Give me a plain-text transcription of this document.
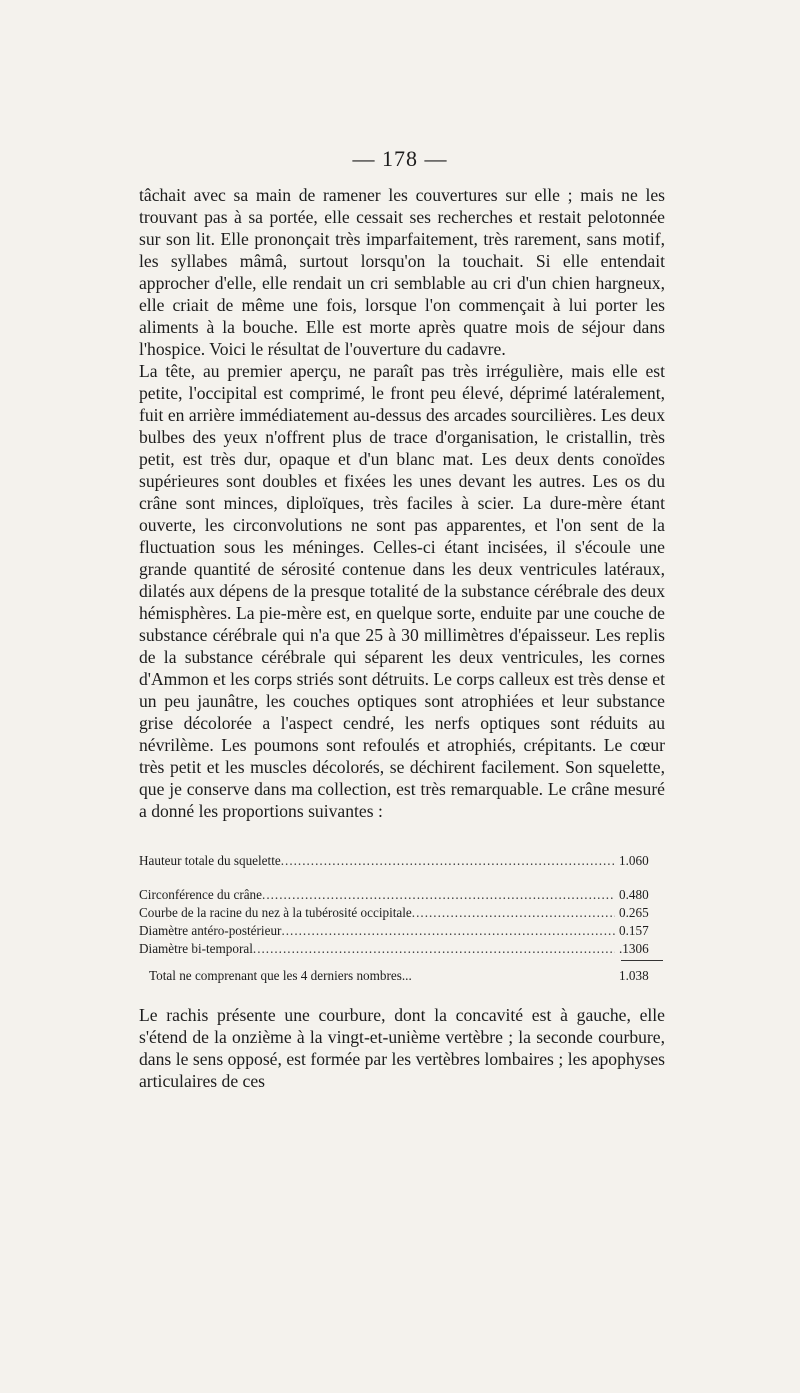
— 178 —

tâchait avec sa main de ramener les couvertures sur elle ; mais ne les trouvant pas à sa portée, elle cessait ses recherches et restait pelotonnée sur son lit. Elle prononçait très imparfaitement, très rarement, sans motif, les syllabes mâmâ, surtout lorsqu'on la touchait. Si elle entendait approcher d'elle, elle rendait un cri semblable au cri d'un chien hargneux, elle criait de même une fois, lorsque l'on commençait à lui porter les aliments à la bouche. Elle est morte après quatre mois de séjour dans l'hospice. Voici le résultat de l'ouverture du cadavre.

La tête, au premier aperçu, ne paraît pas très irrégulière, mais elle est petite, l'occipital est comprimé, le front peu élevé, déprimé latéralement, fuit en arrière immédiatement au-dessus des arcades sourcilières. Les deux bulbes des yeux n'offrent plus de trace d'organisation, le cristallin, très petit, est très dur, opaque et d'un blanc mat. Les deux dents conoïdes supérieures sont doubles et fixées les unes devant les autres. Les os du crâne sont minces, diploïques, très faciles à scier. La dure-mère étant ouverte, les circonvolutions ne sont pas apparentes, et l'on sent de la fluctuation sous les méninges. Celles-ci étant incisées, il s'écoule une grande quantité de sérosité contenue dans les deux ventricules latéraux, dilatés aux dépens de la presque totalité de la substance cérébrale des deux hémisphères. La pie-mère est, en quelque sorte, enduite par une couche de substance cérébrale qui n'a que 25 à 30 millimètres d'épaisseur. Les replis de la substance cérébrale qui séparent les deux ventricules, les cornes d'Ammon et les corps striés sont détruits. Le corps calleux est très dense et un peu jaunâtre, les couches optiques sont atrophiées et leur substance grise décolorée a l'aspect cendré, les nerfs optiques sont réduits au névrilème. Les poumons sont refoulés et atrophiés, crépitants. Le cœur très petit et les muscles décolorés, se déchirent facilement. Son squelette, que je conserve dans ma collection, est très remarquable. Le crâne mesuré a donné les proportions suivantes :

Hauteur totale du squelette .....	1.060
Circonférence du crâne .....	0.480
Courbe de la racine du nez à la tubérosité occipitale .....	0.265
Diamètre antéro-postérieur .....	0.157
Diamètre bi-temporal .....	.1306
Total ne comprenant que les 4 derniers nombres...	1.038

Le rachis présente une courbure, dont la concavité est à gauche, elle s'étend de la onzième à la vingt-et-unième vertèbre ; la seconde courbure, dans le sens opposé, est formée par les vertèbres lombaires ; les apophyses articulaires de ces
